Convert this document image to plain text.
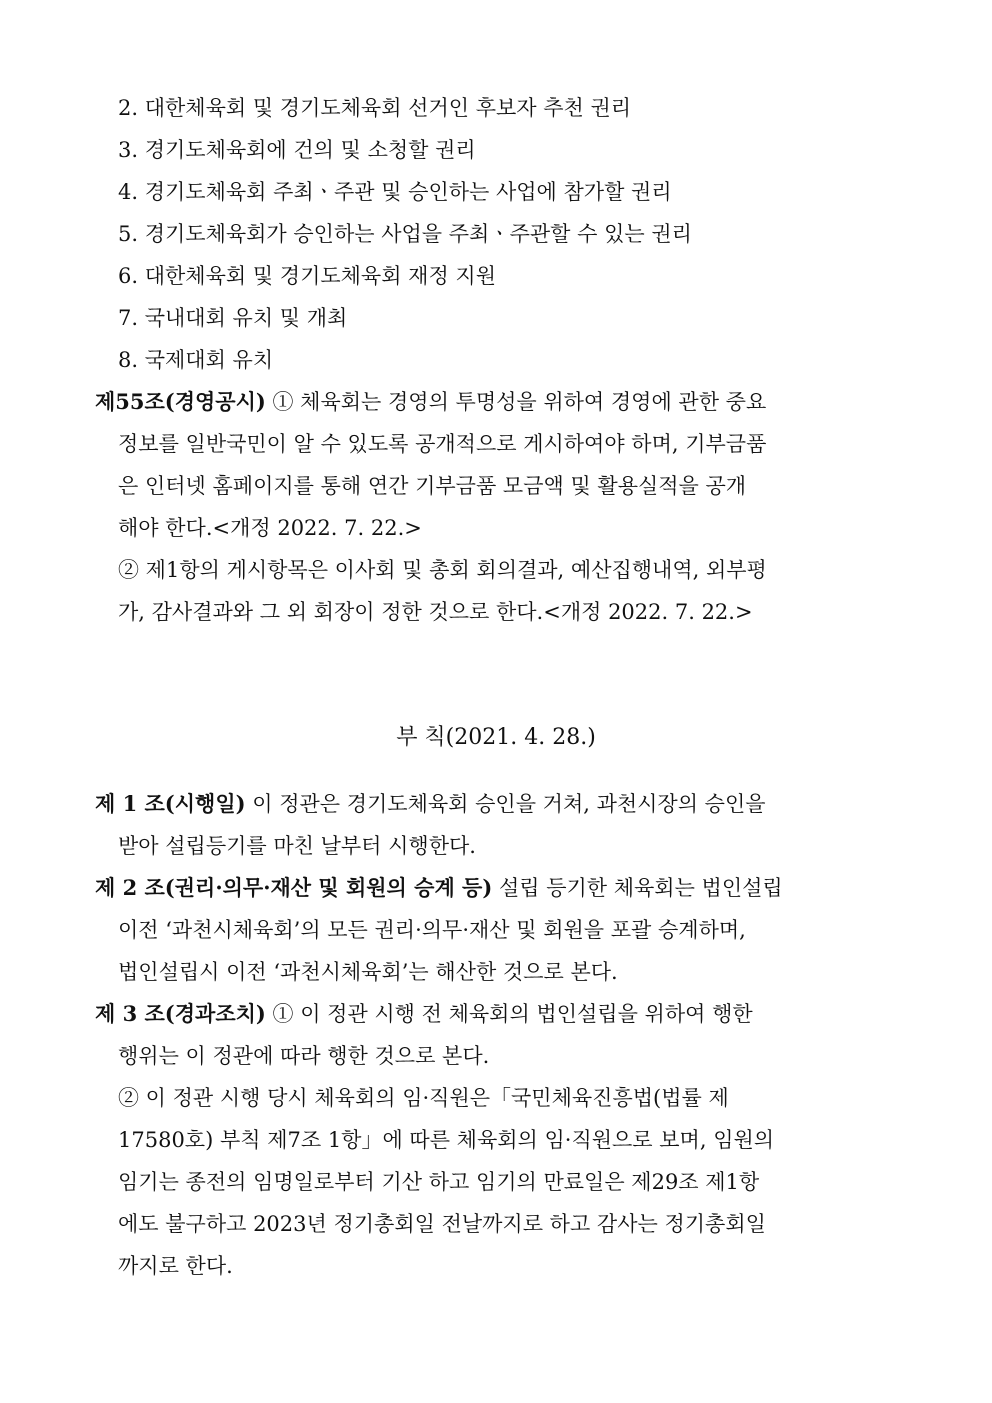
2. 대한체육회 및 경기도체육회 선거인 후보자 추천 권리
3. 경기도체육회에 건의 및 소청할 권리
4. 경기도체육회 주최ㆍ주관 및 승인하는 사업에 참가할 권리
5. 경기도체육회가 승인하는 사업을 주최ㆍ주관할 수 있는 권리
6. 대한체육회 및 경기도체육회 재정 지원
7. 국내대회 유치 및 개최
8. 국제대회 유치
제55조(경영공시) ① 체육회는 경영의 투명성을 위하여 경영에 관한 중요
정보를 일반국민이 알 수 있도록 공개적으로 게시하여야 하며, 기부금품
은 인터넷 홈페이지를 통해 연간 기부금품 모금액 및 활용실적을 공개
해야 한다.<개정 2022. 7. 22.>
② 제1항의 게시항목은 이사회 및 총회 회의결과, 예산집행내역, 외부평
가, 감사결과와 그 외 회장이 정한 것으로 한다.<개정 2022. 7. 22.>
부 칙(2021. 4. 28.)
제 1 조(시행일) 이 정관은 경기도체육회 승인을 거쳐, 과천시장의 승인을
받아 설립등기를 마친 날부터 시행한다.
제 2 조(권리·의무·재산 및 회원의 승계 등) 설립 등기한 체육회는 법인설립
이전 ‘과천시체육회’의 모든 권리·의무·재산 및 회원을 포괄 승계하며,
법인설립시 이전 ‘과천시체육회’는 해산한 것으로 본다.
제 3 조(경과조치) ① 이 정관 시행 전 체육회의 법인설립을 위하여 행한
행위는 이 정관에 따라 행한 것으로 본다.
② 이 정관 시행 당시 체육회의 임·직원은「국민체육진흥법(법률 제
17580호) 부칙 제7조 1항」에 따른 체육회의 임·직원으로 보며, 임원의
임기는 종전의 임명일로부터 기산 하고 임기의 만료일은 제29조 제1항
에도 불구하고 2023년 정기총회일 전날까지로 하고 감사는 정기총회일
까지로 한다.
